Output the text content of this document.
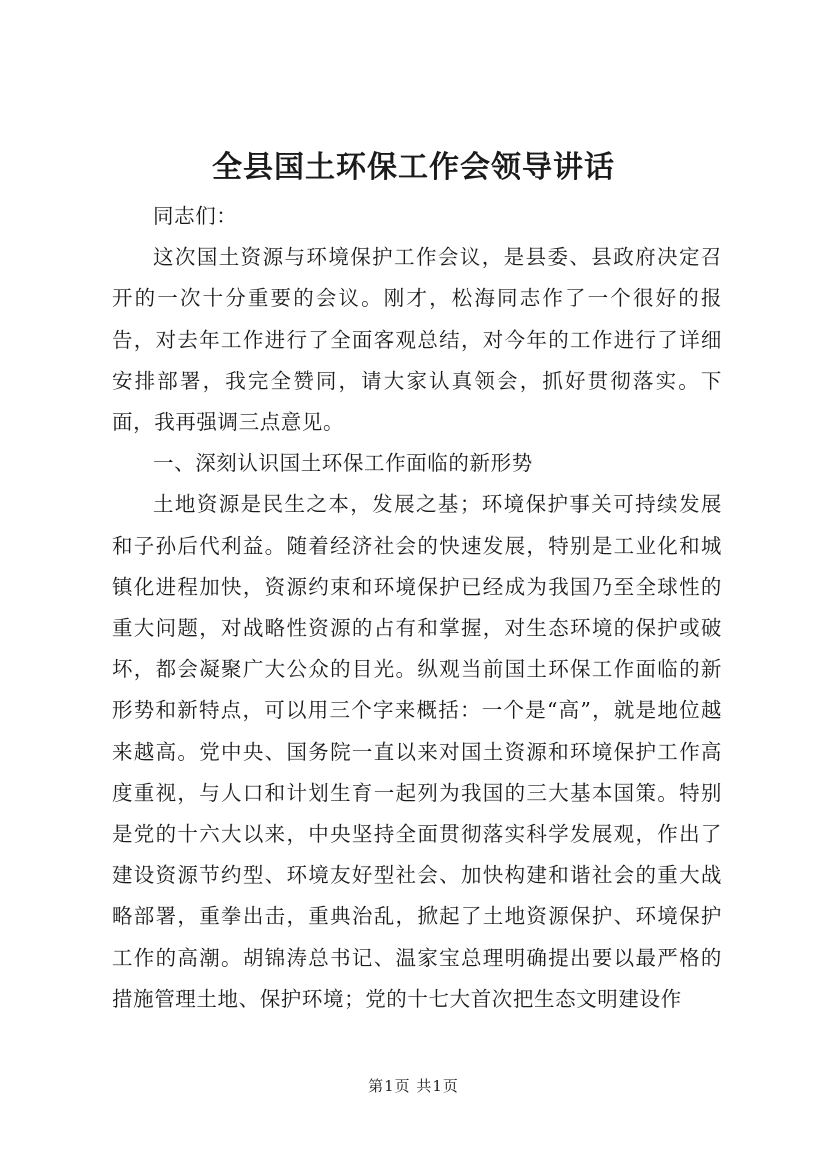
全县国土环保工作会领导讲话

同志们：

这次国土资源与环境保护工作会议，是县委、县政府决定召开的一次十分重要的会议。刚才，松海同志作了一个很好的报告，对去年工作进行了全面客观总结，对今年的工作进行了详细安排部署，我完全赞同，请大家认真领会，抓好贯彻落实。下面，我再强调三点意见。

一、深刻认识国土环保工作面临的新形势

土地资源是民生之本，发展之基；环境保护事关可持续发展和子孙后代利益。随着经济社会的快速发展，特别是工业化和城镇化进程加快，资源约束和环境保护已经成为我国乃至全球性的重大问题，对战略性资源的占有和掌握，对生态环境的保护或破坏，都会凝聚广大公众的目光。纵观当前国土环保工作面临的新形势和新特点，可以用三个字来概括：一个是“高”，就是地位越来越高。党中央、国务院一直以来对国土资源和环境保护工作高度重视，与人口和计划生育一起列为我国的三大基本国策。特别是党的十六大以来，中央坚持全面贯彻落实科学发展观，作出了建设资源节约型、环境友好型社会、加快构建和谐社会的重大战略部署，重拳出击，重典治乱，掀起了土地资源保护、环境保护工作的高潮。胡锦涛总书记、温家宝总理明确提出要以最严格的措施管理土地、保护环境；党的十七大首次把生态文明建设作

第1页 共1页
